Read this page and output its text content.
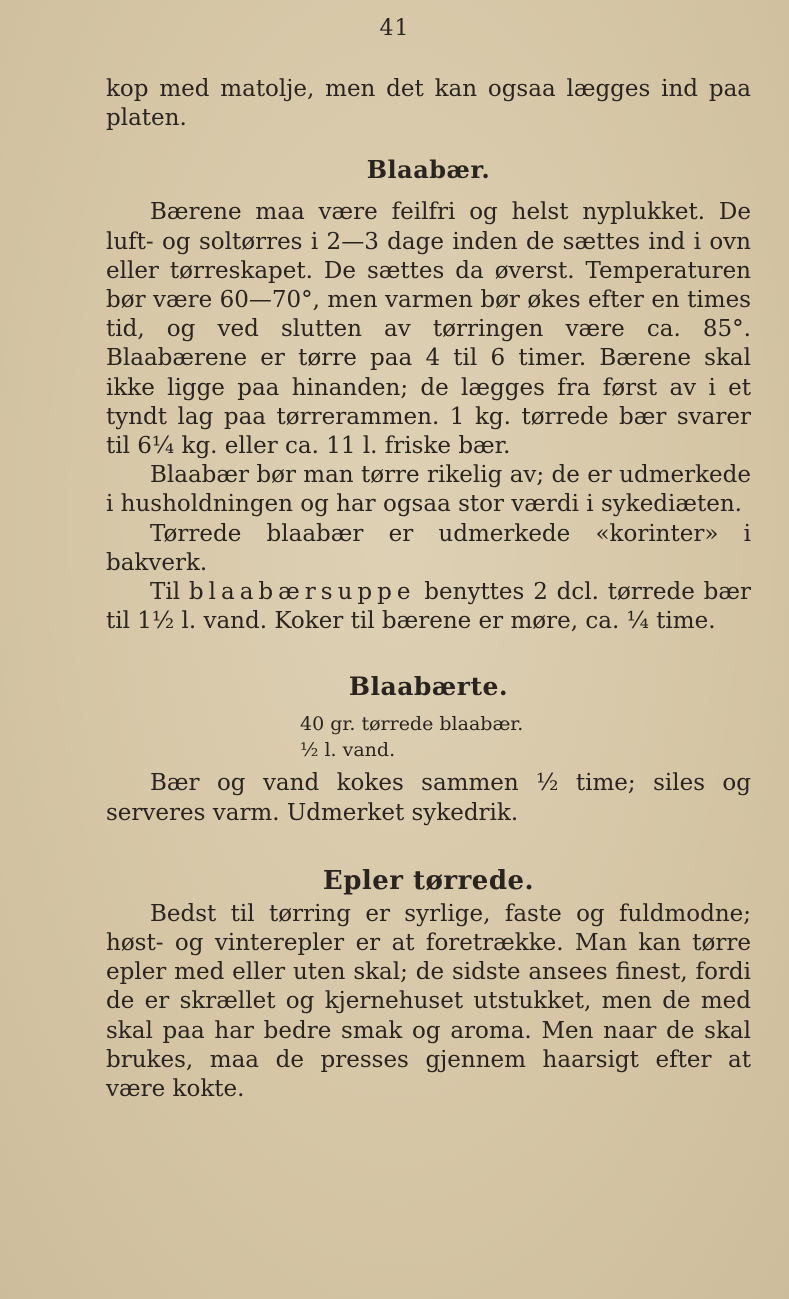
41

kop med matolje, men det kan ogsaa lægges ind paa platen.

Blaabær.

Bærene maa være feilfri og helst nyplukket. De luft- og soltørres i 2—3 dage inden de sættes ind i ovn eller tørreskapet. De sættes da øverst. Temperaturen bør være 60—70°, men varmen bør økes efter en times tid, og ved slutten av tørringen være ca. 85°. Blaabærene er tørre paa 4 til 6 timer. Bærene skal ikke ligge paa hinanden; de lægges fra først av i et tyndt lag paa tørrerammen. 1 kg. tørrede bær svarer til 6¼ kg. eller ca. 11 l. friske bær.

Blaabær bør man tørre rikelig av; de er udmerkede i husholdningen og har ogsaa stor værdi i sykediæten.

Tørrede blaabær er udmerkede «korinter» i bakverk.

Til blaabærsuppe benyttes 2 dcl. tørrede bær til 1½ l. vand. Koker til bærene er møre, ca. ¼ time.

Blaabærte.
40 gr. tørrede blaabær.
½ l. vand.

Bær og vand kokes sammen ½ time; siles og serveres varm. Udmerket sykedrik.

Epler tørrede.

Bedst til tørring er syrlige, faste og fuldmodne; høst- og vinterepler er at foretrække. Man kan tørre epler med eller uten skal; de sidste ansees finest, fordi de er skrællet og kjernehuset utstukket, men de med skal paa har bedre smak og aroma. Men naar de skal brukes, maa de presses gjennem haarsigt efter at være kokte.
